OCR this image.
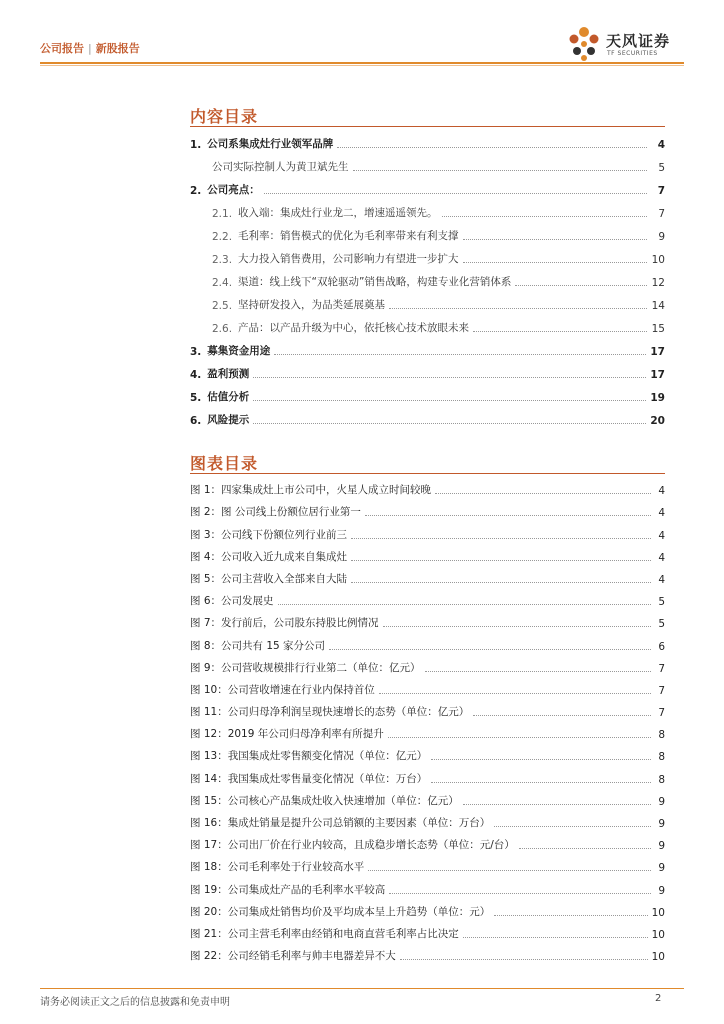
公司报告 | 新股报告	天风证券
TF SECURITIES
内容目录
1. 公司系集成灶行业领军品牌	4
公司实际控制人为黄卫斌先生	5
2. 公司亮点：	7
2.1. 收入端：集成灶行业龙二，增速遥遥领先。	7
2.2. 毛利率：销售模式的优化为毛利率带来有利支撑	9
2.3. 大力投入销售费用，公司影响力有望进一步扩大	10
2.4. 渠道：线上线下“双轮驱动”销售战略，构建专业化营销体系	12
2.5. 坚持研发投入，为品类延展奠基	14
2.6. 产品：以产品升级为中心，依托核心技术放眼未来	15
3. 募集资金用途	17
4. 盈利预测	17
5. 估值分析	19
6. 风险提示	20
图表目录
图 1：四家集成灶上市公司中，火星人成立时间较晚	4
图 2：图 公司线上份额位居行业第一	4
图 3：公司线下份额位列行业前三	4
图 4：公司收入近九成来自集成灶	4
图 5：公司主营收入全部来自大陆	4
图 6：公司发展史	5
图 7：发行前后，公司股东持股比例情况	5
图 8：公司共有 15 家分公司	6
图 9：公司营收规模排行行业第二（单位：亿元）	7
图 10：公司营收增速在行业内保持首位	7
图 11：公司归母净利润呈现快速增长的态势（单位：亿元）	7
图 12：2019 年公司归母净利率有所提升	8
图 13：我国集成灶零售额变化情况（单位：亿元）	8
图 14：我国集成灶零售量变化情况（单位：万台）	8
图 15：公司核心产品集成灶收入快速增加（单位：亿元）	9
图 16：集成灶销量是提升公司总销额的主要因素（单位：万台）	9
图 17：公司出厂价在行业内较高，且成稳步增长态势（单位：元/台）	9
图 18：公司毛利率处于行业较高水平	9
图 19：公司集成灶产品的毛利率水平较高	9
图 20：公司集成灶销售均价及平均成本呈上升趋势（单位：元）	10
图 21：公司主营毛利率由经销和电商直营毛利率占比决定	10
图 22：公司经销毛利率与帅丰电器差异不大	10
请务必阅读正文之后的信息披露和免责申明	2
